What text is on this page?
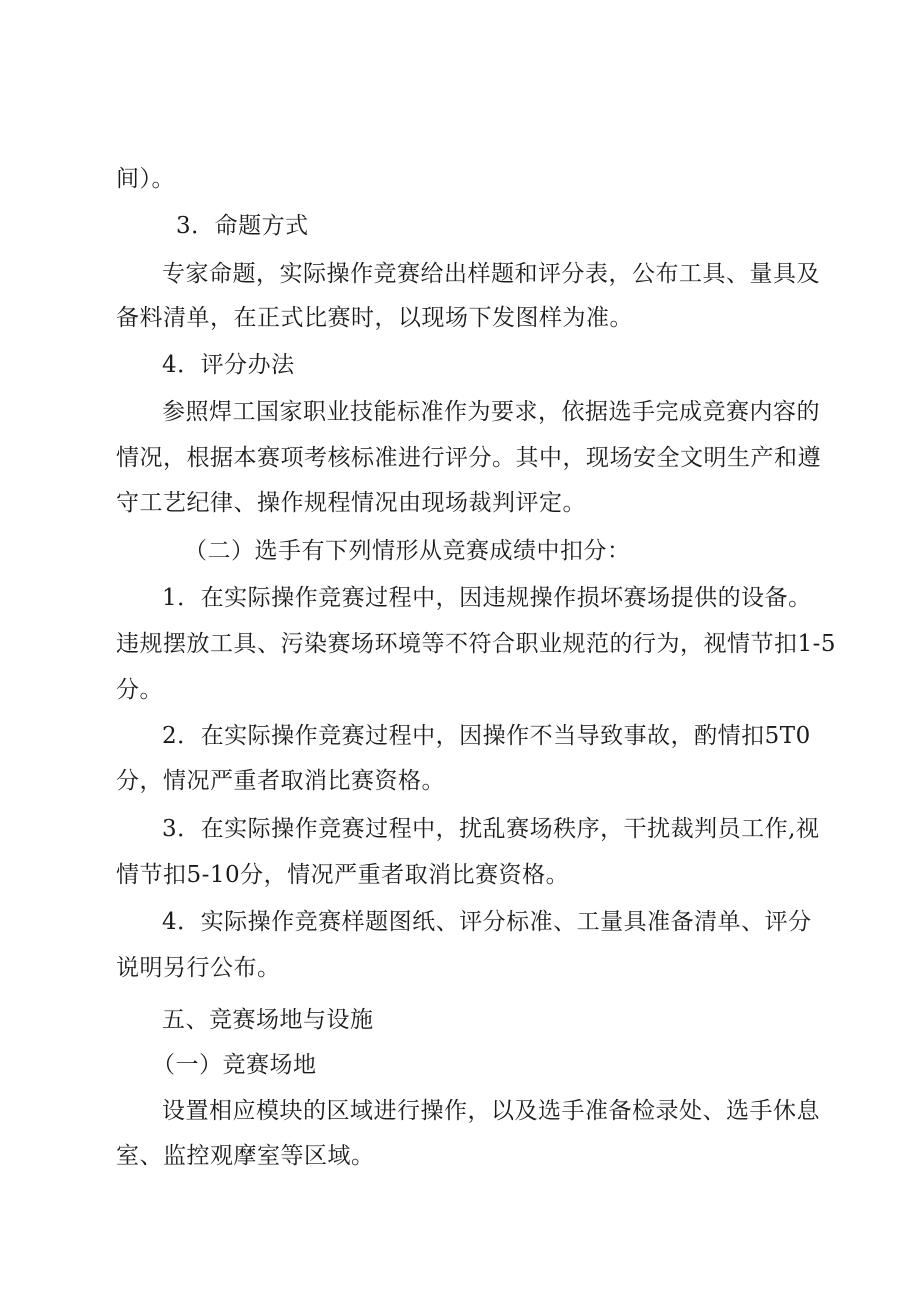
间）。
3．命题方式
专家命题，实际操作竞赛给出样题和评分表，公布工具、量具及
备料清单，在正式比赛时，以现场下发图样为准。
4．评分办法
参照焊工国家职业技能标准作为要求，依据选手完成竞赛内容的
情况，根据本赛项考核标准进行评分。其中，现场安全文明生产和遵
守工艺纪律、操作规程情况由现场裁判评定。
（二）选手有下列情形从竞赛成绩中扣分：
1．在实际操作竞赛过程中，因违规操作损坏赛场提供的设备。
违规摆放工具、污染赛场环境等不符合职业规范的行为，视情节扣1-5
分。
2．在实际操作竞赛过程中，因操作不当导致事故，酌情扣5T0
分，情况严重者取消比赛资格。
3．在实际操作竞赛过程中，扰乱赛场秩序，干扰裁判员工作,视
情节扣5-10分，情况严重者取消比赛资格。
4．实际操作竞赛样题图纸、评分标准、工量具准备清单、评分
说明另行公布。
五、竞赛场地与设施
（一）竞赛场地
设置相应模块的区域进行操作，以及选手准备检录处、选手休息
室、监控观摩室等区域。
